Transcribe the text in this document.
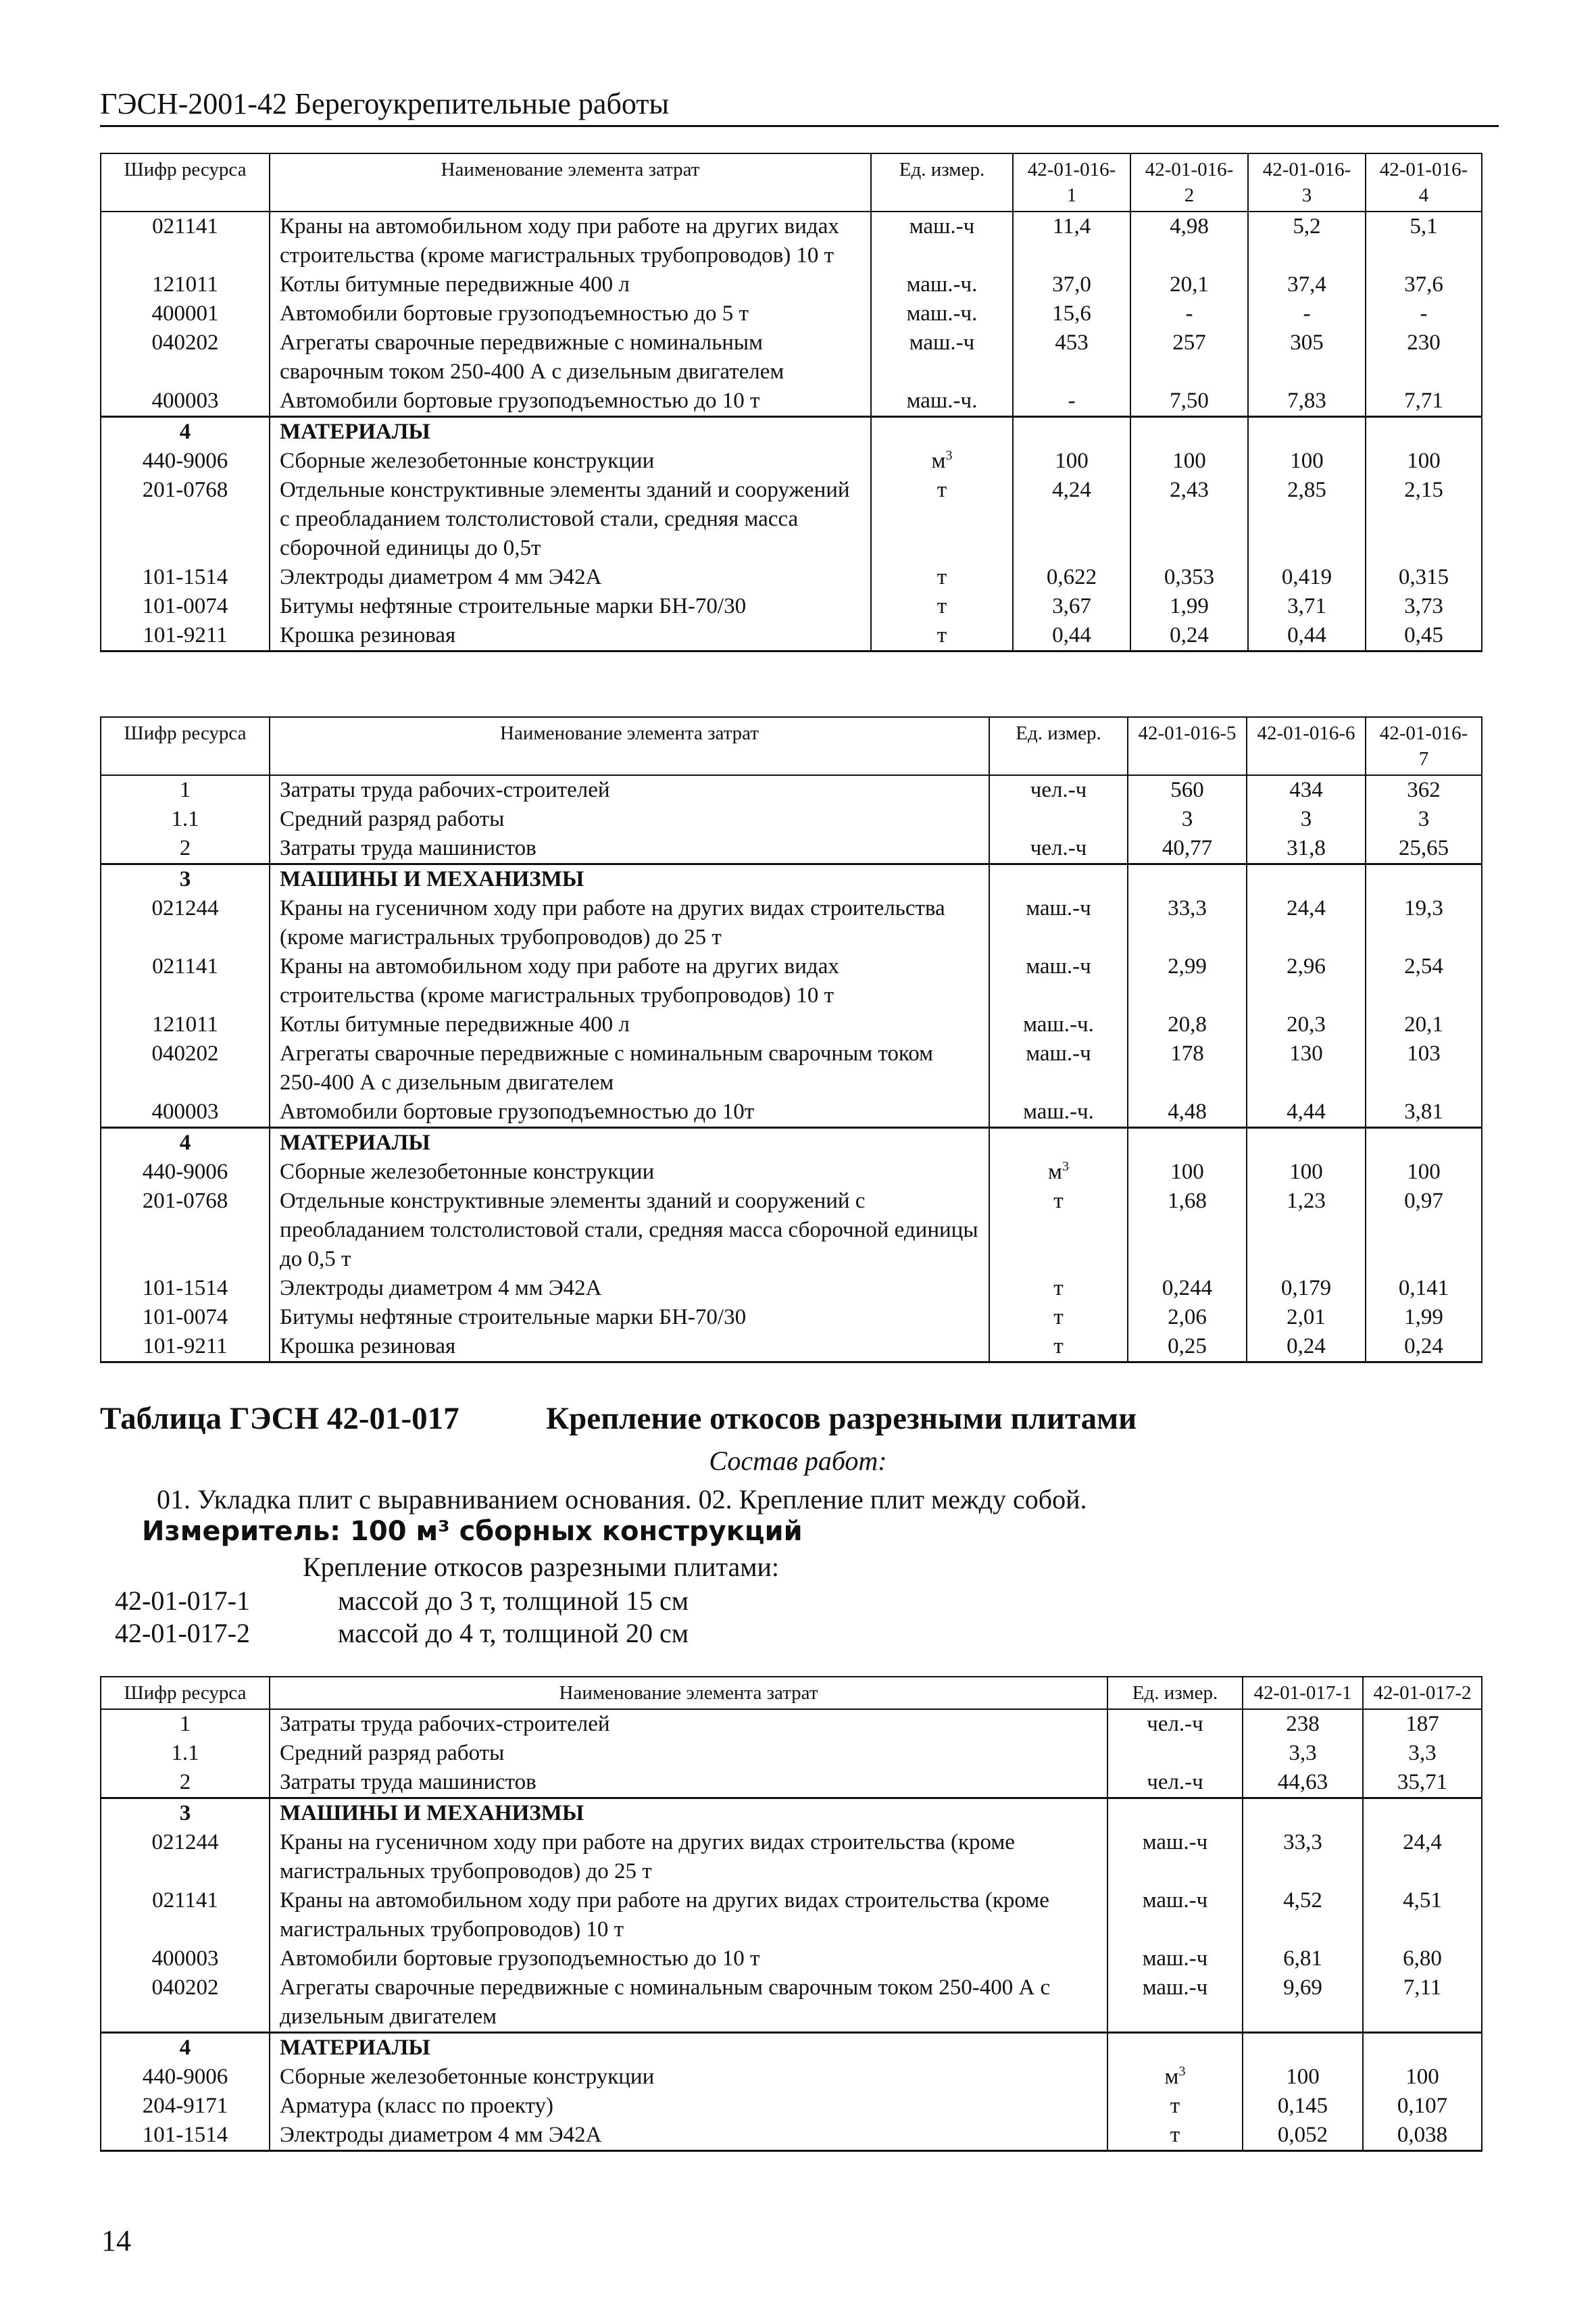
ГЭСН-2001-42 Берегоукрепительные работы
Шифр ресурса	Наименование элемента затрат	Ед. измер.	42-01-016-1	42-01-016-2	42-01-016-3	42-01-016-4
021141	Краны на автомобильном ходу при работе на других видах строительства (кроме магистральных трубопроводов) 10 т	маш.-ч	11,4	4,98	5,2	5,1
121011	Котлы битумные передвижные 400 л	маш.-ч.	37,0	20,1	37,4	37,6
400001	Автомобили бортовые грузоподъемностью до 5 т	маш.-ч.	15,6	-	-	-
040202	Агрегаты сварочные передвижные с номинальным сварочным током 250-400 А с дизельным двигателем	маш.-ч	453	257	305	230
400003	Автомобили бортовые грузоподъемностью до 10 т	маш.-ч.	-	7,50	7,83	7,71
4	МАТЕРИАЛЫ					
440-9006	Сборные железобетонные конструкции	$м^3$	100	100	100	100
201-0768	Отдельные конструктивные элементы зданий и сооружений с преобладанием толстолистовой стали, средняя масса сборочной единицы до 0,5т	т	4,24	2,43	2,85	2,15
101-1514	Электроды диаметром 4 мм Э42А	т	0,622	0,353	0,419	0,315
101-0074	Битумы нефтяные строительные марки БН-70/30	т	3,67	1,99	3,71	3,73
101-9211	Крошка резиновая	т	0,44	0,24	0,44	0,45
Шифр ресурса	Наименование элемента затрат	Ед. измер.	42-01-016-5	42-01-016-6	42-01-016-7
1	Затраты труда рабочих-строителей	чел.-ч	560	434	362
1.1	Средний разряд работы		3	3	3
2	Затраты труда машинистов	чел.-ч	40,77	31,8	25,65
3	МАШИНЫ И МЕХАНИЗМЫ				
021244	Краны на гусеничном ходу при работе на других видах строительства (кроме магистральных трубопроводов) до 25 т	маш.-ч	33,3	24,4	19,3
021141	Краны на автомобильном ходу при работе на других видах строительства (кроме магистральных трубопроводов) 10 т	маш.-ч	2,99	2,96	2,54
121011	Котлы битумные передвижные 400 л	маш.-ч.	20,8	20,3	20,1
040202	Агрегаты сварочные передвижные с номинальным сварочным током 250-400 А с дизельным двигателем	маш.-ч	178	130	103
400003	Автомобили бортовые грузоподъемностью до 10т	маш.-ч.	4,48	4,44	3,81
4	МАТЕРИАЛЫ				
440-9006	Сборные железобетонные конструкции	$м^3$	100	100	100
201-0768	Отдельные конструктивные элементы зданий и сооружений с преобладанием толстолистовой стали, средняя масса сборочной единицы до 0,5 т	т	1,68	1,23	0,97
101-1514	Электроды диаметром 4 мм Э42А	т	0,244	0,179	0,141
101-0074	Битумы нефтяные строительные марки БН-70/30	т	2,06	2,01	1,99
101-9211	Крошка резиновая	т	0,25	0,24	0,24
Таблица ГЭСН 42-01-017	Крепление откосов разрезными плитами
Состав работ:
01. Укладка плит с выравниванием основания. 02. Крепление плит между собой.
Измеритель: 100 м³ сборных конструкций
Крепление откосов разрезными плитами:
42-01-017-1	массой до 3 т, толщиной 15 см
42-01-017-2	массой до 4 т, толщиной 20 см
Шифр ресурса	Наименование элемента затрат	Ед. измер.	42-01-017-1	42-01-017-2
1	Затраты труда рабочих-строителей	чел.-ч	238	187
1.1	Средний разряд работы		3,3	3,3
2	Затраты труда машинистов	чел.-ч	44,63	35,71
3	МАШИНЫ И МЕХАНИЗМЫ			
021244	Краны на гусеничном ходу при работе на других видах строительства (кроме магистральных трубопроводов) до 25 т	маш.-ч	33,3	24,4
021141	Краны на автомобильном ходу при работе на других видах строительства (кроме магистральных трубопроводов) 10 т	маш.-ч	4,52	4,51
400003	Автомобили бортовые грузоподъемностью до 10 т	маш.-ч	6,81	6,80
040202	Агрегаты сварочные передвижные с номинальным сварочным током 250-400 А с дизельным двигателем	маш.-ч	9,69	7,11
4	МАТЕРИАЛЫ			
440-9006	Сборные железобетонные конструкции	$м^3$	100	100
204-9171	Арматура (класс по проекту)	т	0,145	0,107
101-1514	Электроды диаметром 4 мм Э42А	т	0,052	0,038
14
